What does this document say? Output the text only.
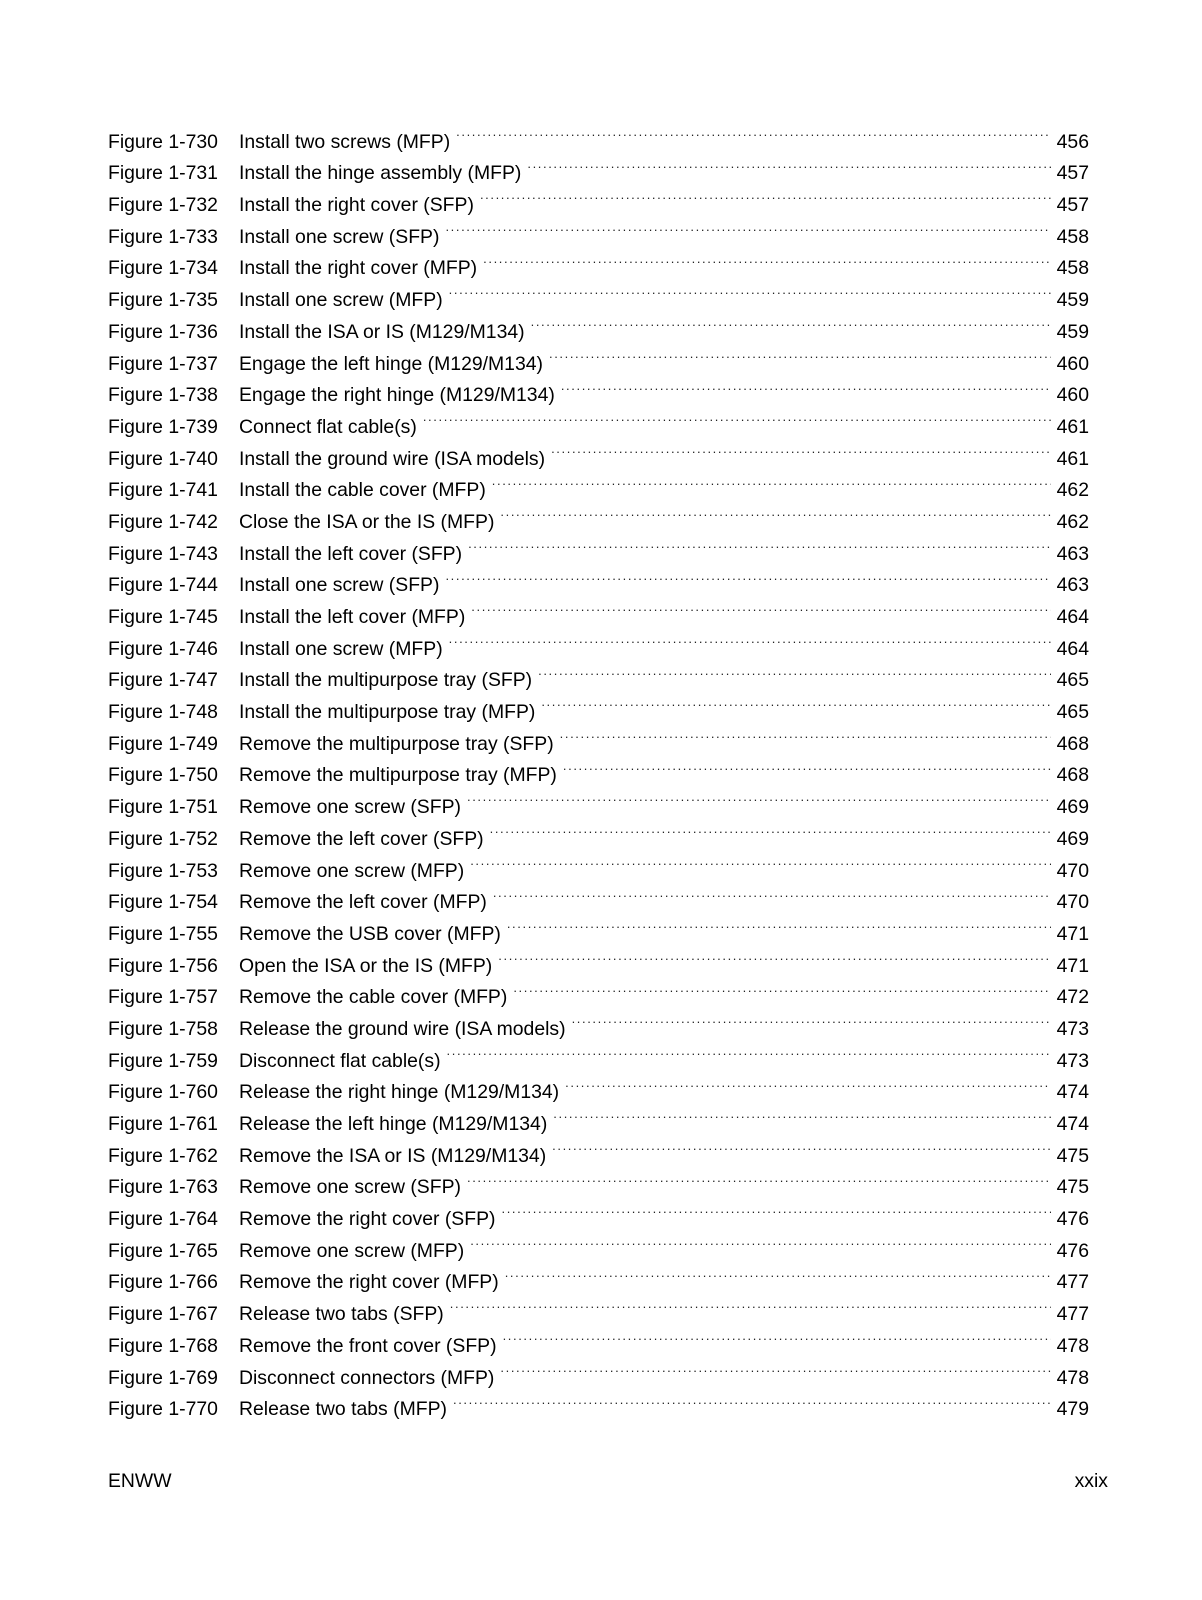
Figure 1-730	Install two screws (MFP) .....	456
Figure 1-731	Install the hinge assembly (MFP) .....	457
Figure 1-732	Install the right cover (SFP) .....	457
Figure 1-733	Install one screw (SFP) .....	458
Figure 1-734	Install the right cover (MFP) .....	458
Figure 1-735	Install one screw (MFP) .....	459
Figure 1-736	Install the ISA or IS (M129/M134) .....	459
Figure 1-737	Engage the left hinge (M129/M134) .....	460
Figure 1-738	Engage the right hinge (M129/M134) .....	460
Figure 1-739	Connect flat cable(s) .....	461
Figure 1-740	Install the ground wire (ISA models) .....	461
Figure 1-741	Install the cable cover (MFP) .....	462
Figure 1-742	Close the ISA or the IS (MFP) .....	462
Figure 1-743	Install the left cover (SFP) .....	463
Figure 1-744	Install one screw (SFP) .....	463
Figure 1-745	Install the left cover (MFP) .....	464
Figure 1-746	Install one screw (MFP) .....	464
Figure 1-747	Install the multipurpose tray (SFP) .....	465
Figure 1-748	Install the multipurpose tray (MFP) .....	465
Figure 1-749	Remove the multipurpose tray (SFP) .....	468
Figure 1-750	Remove the multipurpose tray (MFP) .....	468
Figure 1-751	Remove one screw (SFP) .....	469
Figure 1-752	Remove the left cover (SFP) .....	469
Figure 1-753	Remove one screw (MFP) .....	470
Figure 1-754	Remove the left cover (MFP) .....	470
Figure 1-755	Remove the USB cover (MFP) .....	471
Figure 1-756	Open the ISA or the IS (MFP) .....	471
Figure 1-757	Remove the cable cover (MFP) .....	472
Figure 1-758	Release the ground wire (ISA models) .....	473
Figure 1-759	Disconnect flat cable(s) .....	473
Figure 1-760	Release the right hinge (M129/M134) .....	474
Figure 1-761	Release the left hinge (M129/M134) .....	474
Figure 1-762	Remove the ISA or IS (M129/M134) .....	475
Figure 1-763	Remove one screw (SFP) .....	475
Figure 1-764	Remove the right cover (SFP) .....	476
Figure 1-765	Remove one screw (MFP) .....	476
Figure 1-766	Remove the right cover (MFP) .....	477
Figure 1-767	Release two tabs (SFP) .....	477
Figure 1-768	Remove the front cover (SFP) .....	478
Figure 1-769	Disconnect connectors (MFP) .....	478
Figure 1-770	Release two tabs (MFP) .....	479
ENWW	xxix
